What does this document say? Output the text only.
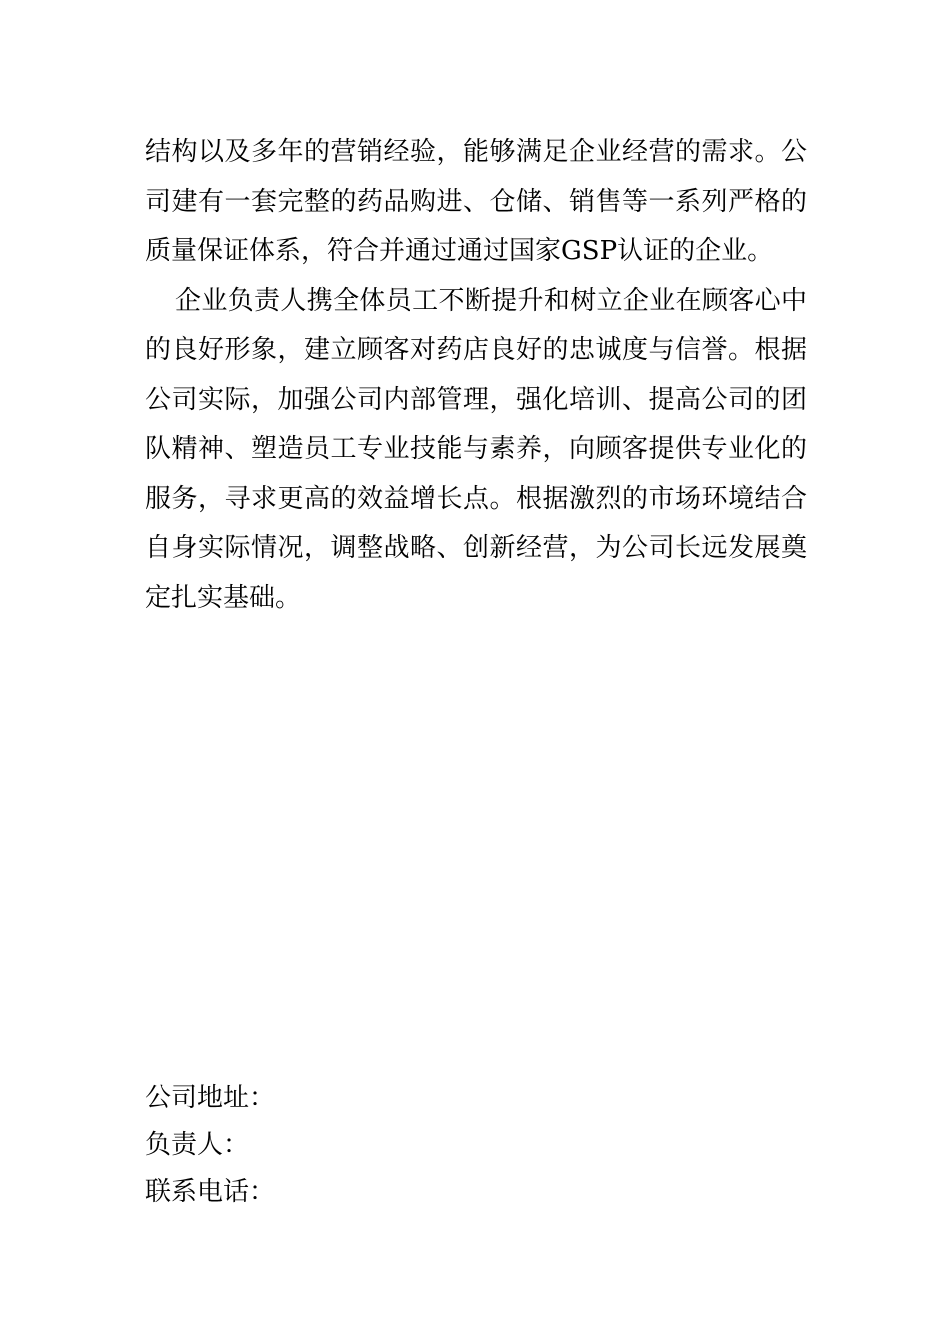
结构以及多年的营销经验，能够满足企业经营的需求。公司建有一套完整的药品购进、仓储、销售等一系列严格的质量保证体系，符合并通过通过国家GSP认证的企业。

企业负责人携全体员工不断提升和树立企业在顾客心中的良好形象，建立顾客对药店良好的忠诚度与信誉。根据公司实际，加强公司内部管理，强化培训、提高公司的团队精神、塑造员工专业技能与素养，向顾客提供专业化的服务，寻求更高的效益增长点。根据激烈的市场环境结合自身实际情况，调整战略、创新经营，为公司长远发展奠定扎实基础。

公司地址：

负责人：

联系电话：
